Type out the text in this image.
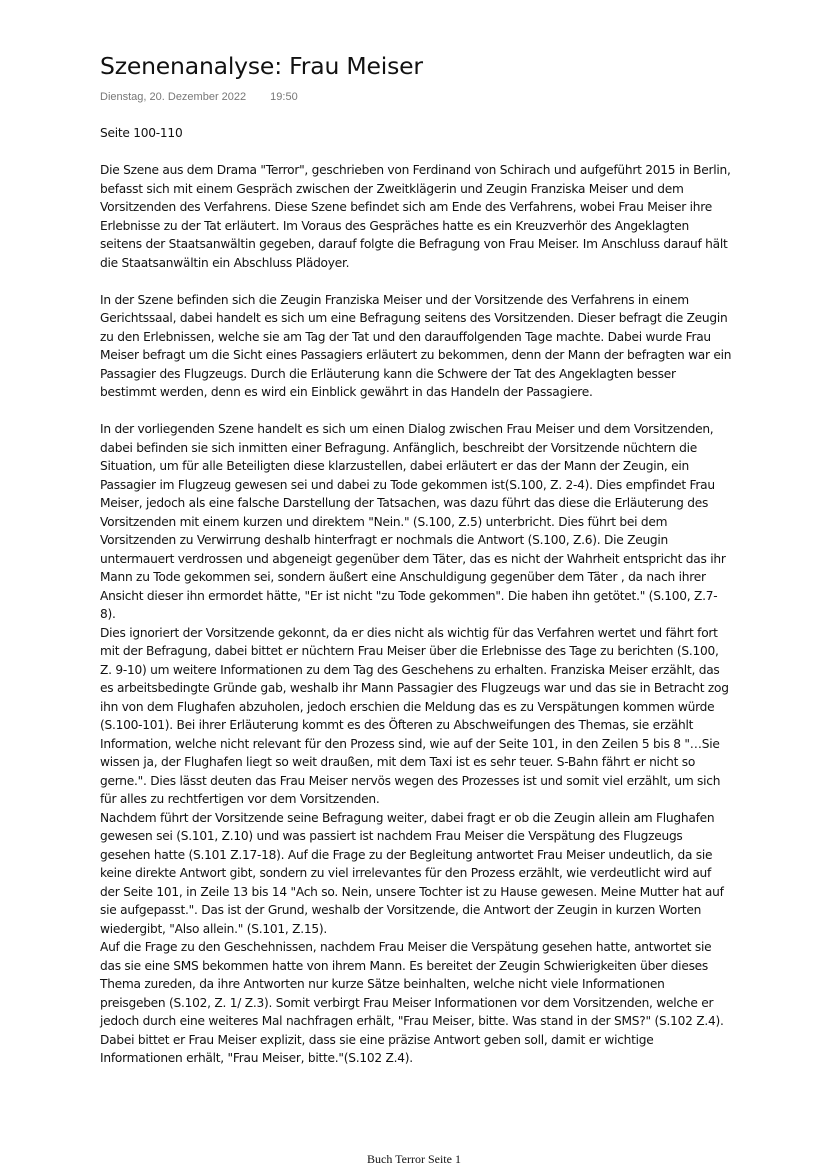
Szenenanalyse: Frau Meiser
Dienstag, 20. Dezember 2022 19:50

Seite 100-110

Die Szene aus dem Drama "Terror", geschrieben von Ferdinand von Schirach und aufgeführt 2015 in Berlin, befasst sich mit einem Gespräch zwischen der Zweitklägerin und Zeugin Franziska Meiser und dem Vorsitzenden des Verfahrens. Diese Szene befindet sich am Ende des Verfahrens, wobei Frau Meiser ihre Erlebnisse zu der Tat erläutert. Im Voraus des Gespräches hatte es ein Kreuzverhör des Angeklagten seitens der Staatsanwältin gegeben, darauf folgte die Befragung von Frau Meiser. Im Anschluss darauf hält die Staatsanwältin ein Abschluss Plädoyer.

In der Szene befinden sich die Zeugin Franziska Meiser und der Vorsitzende des Verfahrens in einem Gerichtssaal, dabei handelt es sich um eine Befragung seitens des Vorsitzenden. Dieser befragt die Zeugin zu den Erlebnissen, welche sie am Tag der Tat und den darauffolgenden Tage machte. Dabei wurde Frau Meiser befragt um die Sicht eines Passagiers erläutert zu bekommen, denn der Mann der befragten war ein Passagier des Flugzeugs. Durch die Erläuterung kann die Schwere der Tat des Angeklagten besser bestimmt werden, denn es wird ein Einblick gewährt in das Handeln der Passagiere.

In der vorliegenden Szene handelt es sich um einen Dialog zwischen Frau Meiser und dem Vorsitzenden, dabei befinden sie sich inmitten einer Befragung. Anfänglich, beschreibt der Vorsitzende nüchtern die Situation, um für alle Beteiligten diese klarzustellen, dabei erläutert er das der Mann der Zeugin, ein Passagier im Flugzeug gewesen sei und dabei zu Tode gekommen ist(S.100, Z. 2-4). Dies empfindet Frau Meiser, jedoch als eine falsche Darstellung der Tatsachen, was dazu führt das diese die Erläuterung des Vorsitzenden mit einem kurzen und direktem "Nein." (S.100, Z.5) unterbricht. Dies führt bei dem Vorsitzenden zu Verwirrung deshalb hinterfragt er nochmals die Antwort (S.100, Z.6). Die Zeugin untermauert verdrossen und abgeneigt gegenüber dem Täter, das es nicht der Wahrheit entspricht das ihr Mann zu Tode gekommen sei, sondern äußert eine Anschuldigung gegenüber dem Täter , da nach ihrer Ansicht dieser ihn ermordet hätte, "Er ist nicht "zu Tode gekommen". Die haben ihn getötet." (S.100, Z.7-8).

Dies ignoriert der Vorsitzende gekonnt, da er dies nicht als wichtig für das Verfahren wertet und fährt fort mit der Befragung, dabei bittet er nüchtern Frau Meiser über die Erlebnisse des Tage zu berichten (S.100, Z. 9-10) um weitere Informationen zu dem Tag des Geschehens zu erhalten. Franziska Meiser erzählt, das es arbeitsbedingte Gründe gab, weshalb ihr Mann Passagier des Flugzeugs war und das sie in Betracht zog ihn von dem Flughafen abzuholen, jedoch erschien die Meldung das es zu Verspätungen kommen würde (S.100-101). Bei ihrer Erläuterung kommt es des Öfteren zu Abschweifungen des Themas, sie erzählt Information, welche nicht relevant für den Prozess sind, wie auf der Seite 101, in den Zeilen 5 bis 8 "…Sie wissen ja, der Flughafen liegt so weit draußen, mit dem Taxi ist es sehr teuer. S-Bahn fährt er nicht so gerne.". Dies lässt deuten das Frau Meiser nervös wegen des Prozesses ist und somit viel erzählt, um sich für alles zu rechtfertigen vor dem Vorsitzenden.

Nachdem führt der Vorsitzende seine Befragung weiter, dabei fragt er ob die Zeugin allein am Flughafen gewesen sei (S.101, Z.10) und was passiert ist nachdem Frau Meiser die Verspätung des Flugzeugs gesehen hatte (S.101 Z.17-18). Auf die Frage zu der Begleitung antwortet Frau Meiser undeutlich, da sie keine direkte Antwort gibt, sondern zu viel irrelevantes für den Prozess erzählt, wie verdeutlicht wird auf der Seite 101, in Zeile 13 bis 14 "Ach so. Nein, unsere Tochter ist zu Hause gewesen. Meine Mutter hat auf sie aufgepasst.". Das ist der Grund, weshalb der Vorsitzende, die Antwort der Zeugin in kurzen Worten wiedergibt, "Also allein." (S.101, Z.15).

Auf die Frage zu den Geschehnissen, nachdem Frau Meiser die Verspätung gesehen hatte, antwortet sie das sie eine SMS bekommen hatte von ihrem Mann. Es bereitet der Zeugin Schwierigkeiten über dieses Thema zureden, da ihre Antworten nur kurze Sätze beinhalten, welche nicht viele Informationen preisgeben (S.102, Z. 1/ Z.3). Somit verbirgt Frau Meiser Informationen vor dem Vorsitzenden, welche er jedoch durch eine weiteres Mal nachfragen erhält, "Frau Meiser, bitte. Was stand in der SMS?" (S.102 Z.4). Dabei bittet er Frau Meiser explizit, dass sie eine präzise Antwort geben soll, damit er wichtige Informationen erhält, "Frau Meiser, bitte."(S.102 Z.4).

Buch Terror Seite 1
